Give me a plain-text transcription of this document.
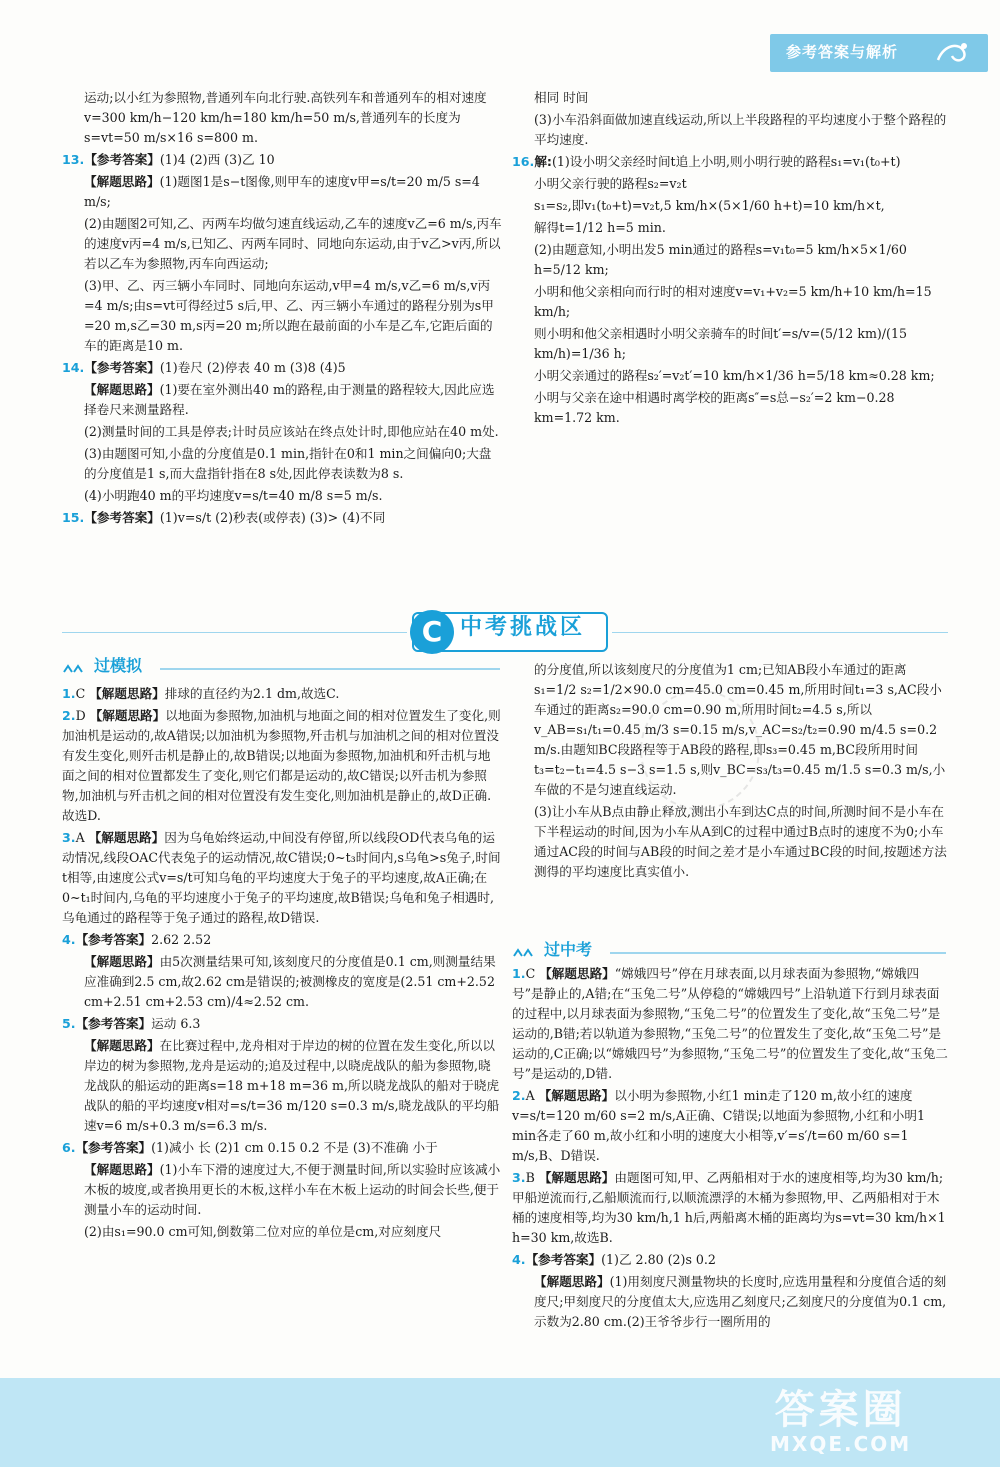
参考答案与解析

运动;以小红为参照物,普通列车向北行驶.高铁列车和普通列车的相对速度v=300 km/h−120 km/h=180 km/h=50 m/s,普通列车的长度为s=vt=50 m/s×16 s=800 m.

13.【参考答案】(1)4 (2)西 (3)乙 10

【解题思路】(1)题图1是s−t图像,则甲车的速度v甲=s/t=20 m/5 s=4 m/s;

(2)由题图2可知,乙、丙两车均做匀速直线运动,乙车的速度v乙=6 m/s,丙车的速度v丙=4 m/s,已知乙、丙两车同时、同地向东运动,由于v乙>v丙,所以若以乙车为参照物,丙车向西运动;

(3)甲、乙、丙三辆小车同时、同地向东运动,v甲=4 m/s,v乙=6 m/s,v丙=4 m/s;由s=vt可得经过5 s后,甲、乙、丙三辆小车通过的路程分别为s甲=20 m,s乙=30 m,s丙=20 m;所以跑在最前面的小车是乙车,它距后面的车的距离是10 m.

14.【参考答案】(1)卷尺 (2)停表 40 m (3)8 (4)5

【解题思路】(1)要在室外测出40 m的路程,由于测量的路程较大,因此应选择卷尺来测量路程.

(2)测量时间的工具是停表;计时员应该站在终点处计时,即他应站在40 m处.

(3)由题图可知,小盘的分度值是0.1 min,指针在0和1 min之间偏向0;大盘的分度值是1 s,而大盘指针指在8 s处,因此停表读数为8 s.

(4)小明跑40 m的平均速度v=s/t=40 m/8 s=5 m/s.

15.【参考答案】(1)v=s/t (2)秒表(或停表) (3)> (4)不同

相同 时间

(3)小车沿斜面做加速直线运动,所以上半段路程的平均速度小于整个路程的平均速度.

16.解:(1)设小明父亲经时间t追上小明,则小明行驶的路程s₁=v₁(t₀+t)

小明父亲行驶的路程s₂=v₂t

s₁=s₂,即v₁(t₀+t)=v₂t,5 km/h×(5×1/60 h+t)=10 km/h×t,

解得t=1/12 h=5 min.

(2)由题意知,小明出发5 min通过的路程s=v₁t₀=5 km/h×5×1/60 h=5/12 km;

小明和他父亲相向而行时的相对速度v=v₁+v₂=5 km/h+10 km/h=15 km/h;

则小明和他父亲相遇时小明父亲骑车的时间t′=s/v=(5/12 km)/(15 km/h)=1/36 h;

小明父亲通过的路程s₂′=v₂t′=10 km/h×1/36 h=5/18 km≈0.28 km;

小明与父亲在途中相遇时离学校的距离s″=s总−s₂′=2 km−0.28 km=1.72 km.

C 中考挑战区
过模拟

1.C 【解题思路】排球的直径约为2.1 dm,故选C.

2.D 【解题思路】以地面为参照物,加油机与地面之间的相对位置发生了变化,则加油机是运动的,故A错误;以加油机为参照物,歼击机与加油机之间的相对位置没有发生变化,则歼击机是静止的,故B错误;以地面为参照物,加油机和歼击机与地面之间的相对位置都发生了变化,则它们都是运动的,故C错误;以歼击机为参照物,加油机与歼击机之间的相对位置没有发生变化,则加油机是静止的,故D正确.故选D.

3.A 【解题思路】因为乌龟始终运动,中间没有停留,所以线段OD代表乌龟的运动情况,线段OAC代表兔子的运动情况,故C错误;0~t₃时间内,s乌龟>s兔子,时间t相等,由速度公式v=s/t可知乌龟的平均速度大于兔子的平均速度,故A正确;在0~t₁时间内,乌龟的平均速度小于兔子的平均速度,故B错误;乌龟和兔子相遇时,乌龟通过的路程等于兔子通过的路程,故D错误.

4.【参考答案】2.62 2.52

【解题思路】由5次测量结果可知,该刻度尺的分度值是0.1 cm,则测量结果应准确到2.5 cm,故2.62 cm是错误的;被测橡皮的宽度是(2.51 cm+2.52 cm+2.51 cm+2.53 cm)/4≈2.52 cm.

5.【参考答案】运动 6.3

【解题思路】在比赛过程中,龙舟相对于岸边的树的位置在发生变化,所以以岸边的树为参照物,龙舟是运动的;追及过程中,以晓虎战队的船为参照物,晓龙战队的船运动的距离s=18 m+18 m=36 m,所以晓龙战队的船对于晓虎战队的船的平均速度v相对=s/t=36 m/120 s=0.3 m/s,晓龙战队的平均船速v=6 m/s+0.3 m/s=6.3 m/s.

6.【参考答案】(1)减小 长 (2)1 cm 0.15 0.2 不是 (3)不准确 小于

【解题思路】(1)小车下滑的速度过大,不便于测量时间,所以实验时应该减小木板的坡度,或者换用更长的木板,这样小车在木板上运动的时间会长些,便于测量小车的运动时间.

(2)由s₁=90.0 cm可知,倒数第二位对应的单位是cm,对应刻度尺

的分度值,所以该刻度尺的分度值为1 cm;已知AB段小车通过的距离s₁=1/2 s₂=1/2×90.0 cm=45.0 cm=0.45 m,所用时间t₁=3 s,AC段小车通过的距离s₂=90.0 cm=0.90 m,所用时间t₂=4.5 s,所以v_AB=s₁/t₁=0.45 m/3 s=0.15 m/s,v_AC=s₂/t₂=0.90 m/4.5 s=0.2 m/s.由题知BC段路程等于AB段的路程,即s₃=0.45 m,BC段所用时间t₃=t₂−t₁=4.5 s−3 s=1.5 s,则v_BC=s₃/t₃=0.45 m/1.5 s=0.3 m/s,小车做的不是匀速直线运动.

(3)让小车从B点由静止释放,测出小车到达C点的时间,所测时间不是小车在下半程运动的时间,因为小车从A到C的过程中通过B点时的速度不为0;小车通过AC段的时间与AB段的时间之差才是小车通过BC段的时间,按题述方法测得的平均速度比真实值小.

过中考

1.C 【解题思路】“嫦娥四号”停在月球表面,以月球表面为参照物,“嫦娥四号”是静止的,A错;在“玉兔二号”从停稳的“嫦娥四号”上沿轨道下行到月球表面的过程中,以月球表面为参照物,“玉兔二号”的位置发生了变化,故“玉兔二号”是运动的,B错;若以轨道为参照物,“玉兔二号”的位置发生了变化,故“玉兔二号”是运动的,C正确;以“嫦娥四号”为参照物,“玉兔二号”的位置发生了变化,故“玉兔二号”是运动的,D错.

2.A 【解题思路】以小明为参照物,小红1 min走了120 m,故小红的速度v=s/t=120 m/60 s=2 m/s,A正确、C错误;以地面为参照物,小红和小明1 min各走了60 m,故小红和小明的速度大小相等,v′=s′/t=60 m/60 s=1 m/s,B、D错误.

3.B 【解题思路】由题图可知,甲、乙两船相对于水的速度相等,均为30 km/h;甲船逆流而行,乙船顺流而行,以顺流漂浮的木桶为参照物,甲、乙两船相对于木桶的速度相等,均为30 km/h,1 h后,两船离木桶的距离均为s=vt=30 km/h×1 h=30 km,故选B.

4.【参考答案】(1)乙 2.80 (2)s 0.2

【解题思路】(1)用刻度尺测量物块的长度时,应选用量程和分度值合适的刻度尺;甲刻度尺的分度值太大,应选用乙刻度尺;乙刻度尺的分度值为0.1 cm,示数为2.80 cm.(2)王爷爷步行一圈所用的

答案圈
MXQE.COM
